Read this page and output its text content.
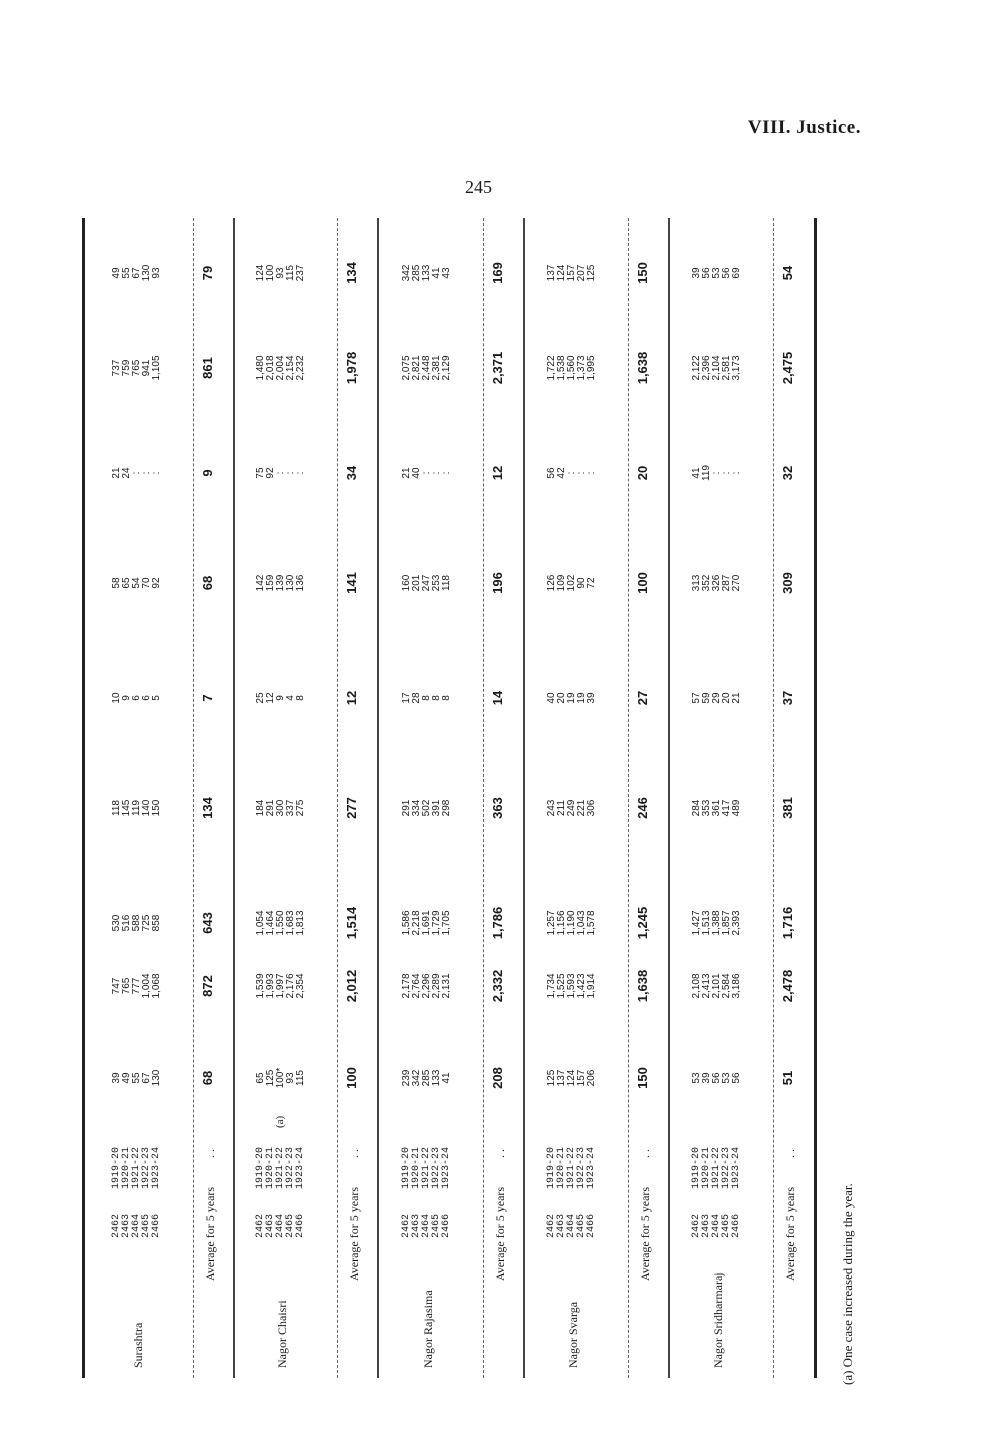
VIII. Justice.
245
Surashtra
2462 2463 2464 2465 2466
1919-20 1920-21 1921-22 1922-23 1923-24
39 49 55 67 130
747 765 777 1,004 1,068
530 516 588 725 858
118 145 119 140 150
10 9 6 6 5
58 65 54 70 92
21 24 : : :
737 759 765 941 1,105
49 55 67 130 93
Average for 5 years
. .
68
872
643
134
7
68
9
861
79
Nagor Chaisri
2462 2463 2464 2465 2466
1919-20 1920-21 1921-22 1922-23 1923-24
(a)
65 125 100* 93 115
1,539 1,993 1,997 2,176 2,354
1,054 1,464 1,550 1,683 1,813
184 291 300 337 275
25 12 9 4 8
142 159 139 130 136
75 92 : : :
1,480 2,018 2,004 2,154 2,232
124 100 93 115 237
Average for 5 years
. .
100
2,012
1,514
277
12
141
34
1,978
134
Nagor Rajasima
2462 2463 2464 2465 2466
1919-20 1920-21 1921-22 1922-23 1923-24
239 342 285 133 41
2,178 2,764 2,296 2,289 2,131
1,586 2,218 1,691 1,729 1,705
291 334 502 391 298
17 28 8 8 8
160 201 247 253 118
21 40 : : :
2,075 2,821 2,448 2,381 2,129
342 285 133 41 43
Average for 5 years
. .
208
2,332
1,786
363
14
196
12
2,371
169
Nagor Svarga
2462 2463 2464 2465 2466
1919-20 1920-21 1921-22 1922-23 1923-24
125 137 124 157 206
1,734 1,525 1,593 1,423 1,914
1,257 1,156 1,190 1,043 1,578
243 211 249 221 306
40 20 19 19 39
126 109 102 90 72
56 42 : : :
1,722 1,538 1,560 1,373 1,995
137 124 157 207 125
Average for 5 years
. .
150
1,638
1,245
246
27
100
20
1,638
150
Nagor Sridharmaraj
2462 2463 2464 2465 2466
1919-20 1920-21 1921-22 1922-23 1923-24
53 39 56 53 56
2,108 2,413 2,101 2,584 3,186
1,427 1,513 1,388 1,857 2,393
284 353 361 417 489
57 59 29 20 21
313 352 326 287 270
41 119 : : :
2,122 2,396 2,104 2,581 3,173
39 56 53 56 69
Average for 5 years
. .
51
2,478
1,716
381
37
309
32
2,475
54
(a) One case increased during the year.
